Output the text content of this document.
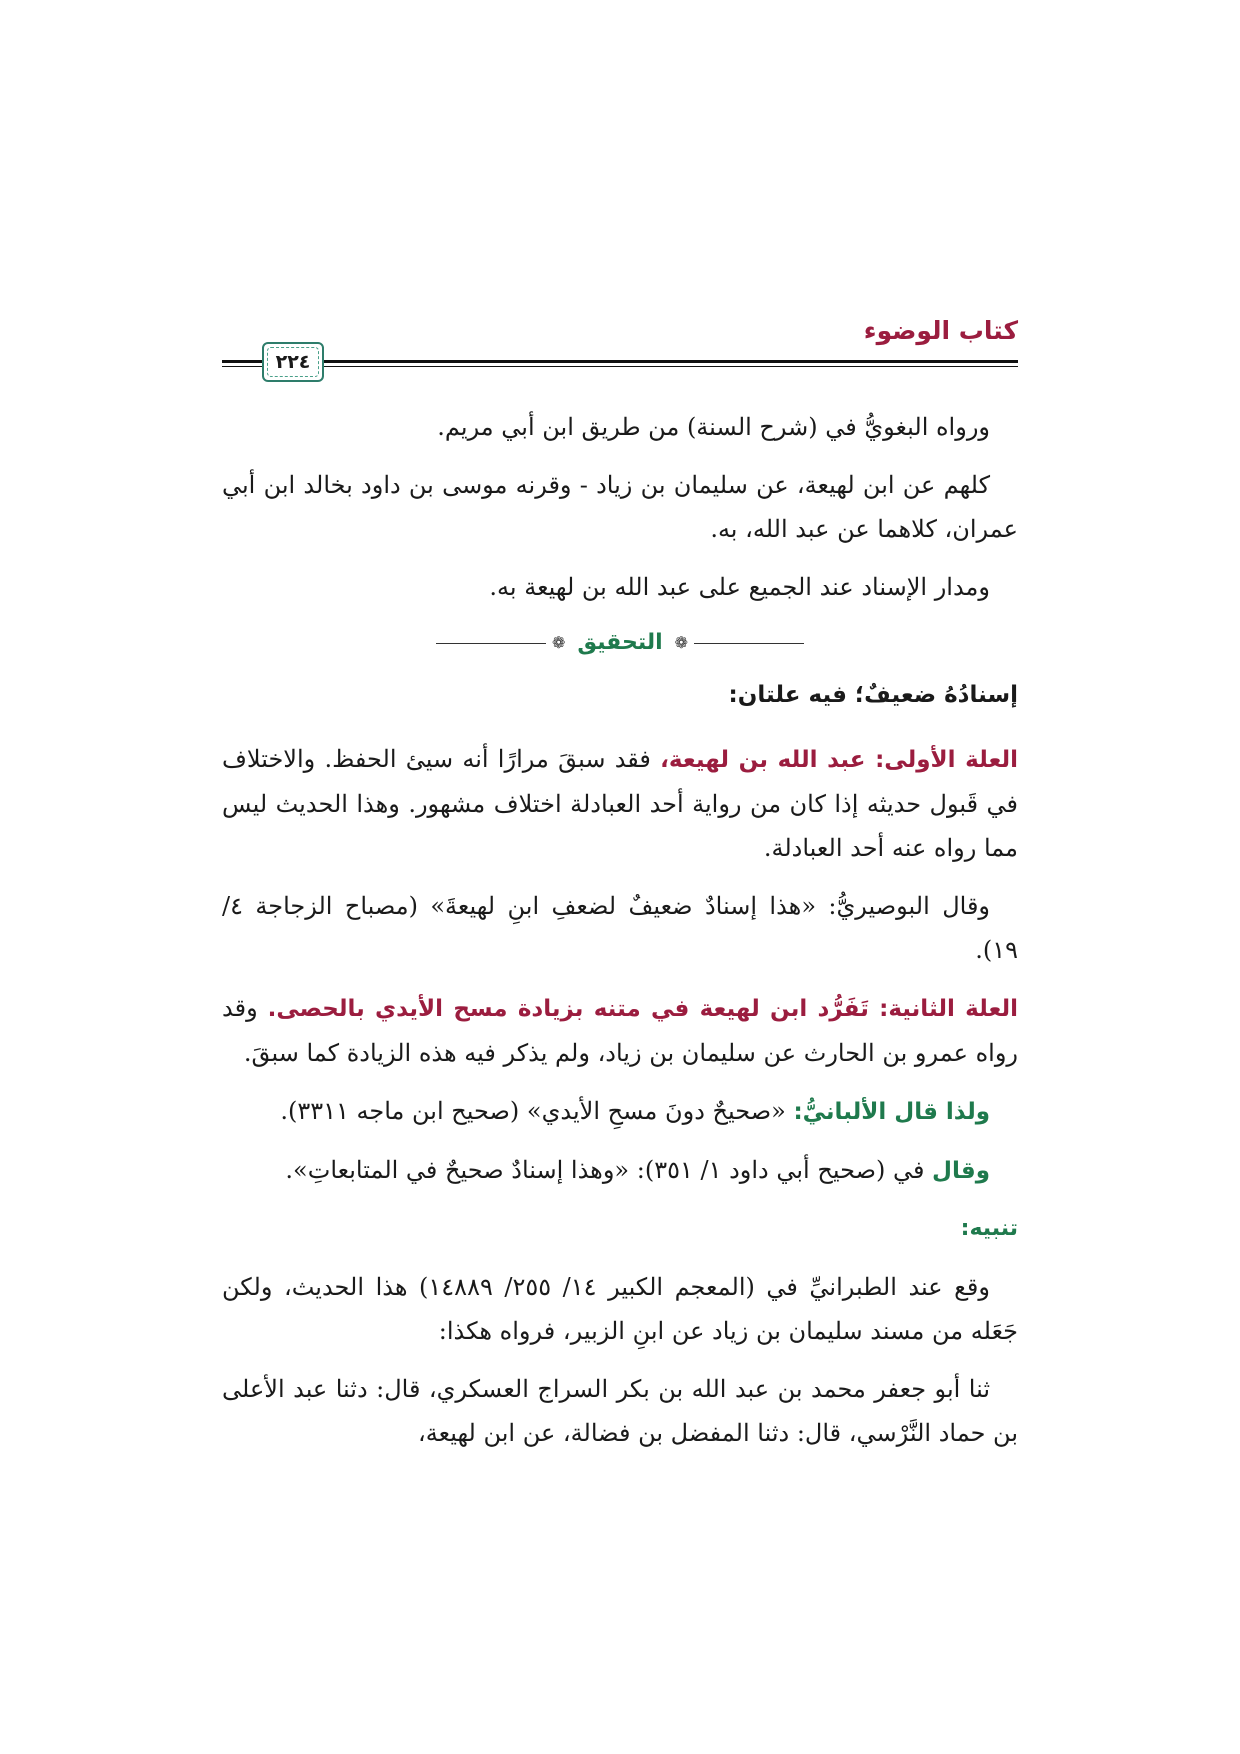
كتاب الوضوء
٢٢٤

ورواه البغويُّ في (شرح السنة) من طريق ابن أبي مريم.

كلهم عن ابن لهيعة، عن سليمان بن زياد - وقرنه موسى بن داود بخالد ابن أبي عمران، كلاهما عن عبد الله، به.

ومدار الإسناد عند الجميع على عبد الله بن لهيعة به.

❁
التحقيق
❁
إسنادُهُ ضعيفٌ؛ فيه علتان:

العلة الأولى: عبد الله بن لهيعة، فقد سبقَ مرارًا أنه سيئ الحفظ. والاختلاف في قَبول حديثه إذا كان من رواية أحد العبادلة اختلاف مشهور. وهذا الحديث ليس مما رواه عنه أحد العبادلة.

وقال البوصيريُّ: «هذا إسنادٌ ضعيفٌ لضعفِ ابنِ لهيعةَ» (مصباح الزجاجة ٤/ ١٩).

العلة الثانية: تَفَرُّد ابن لهيعة في متنه بزيادة مسح الأيدي بالحصى. وقد رواه عمرو بن الحارث عن سليمان بن زياد، ولم يذكر فيه هذه الزيادة كما سبقَ.

ولذا قال الألبانيُّ: «صحيحٌ دونَ مسحِ الأيدي» (صحيح ابن ماجه ٣٣١١).

وقال في (صحيح أبي داود ١/ ٣٥١): «وهذا إسنادٌ صحيحٌ في المتابعاتِ».

تنبيه:

وقع عند الطبرانيِّ في (المعجم الكبير ١٤/ ٢٥٥/ ١٤٨٨٩) هذا الحديث، ولكن جَعَله من مسند سليمان بن زياد عن ابنِ الزبير، فرواه هكذا:

ثنا أبو جعفر محمد بن عبد الله بن بكر السراج العسكري، قال: دثنا عبد الأعلى بن حماد النَّرْسي، قال: دثنا المفضل بن فضالة، عن ابن لهيعة،
